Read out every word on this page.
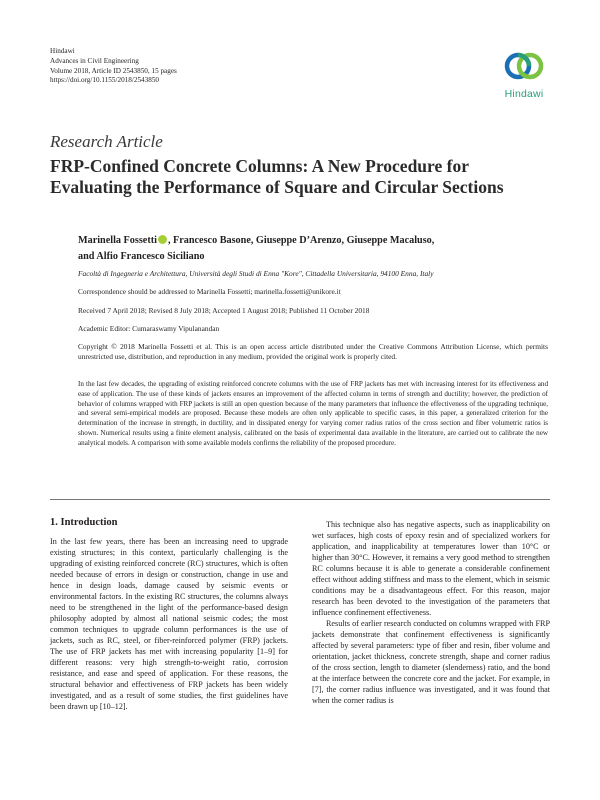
Hindawi
Advances in Civil Engineering
Volume 2018, Article ID 2543850, 15 pages
https://doi.org/10.1155/2018/2543850
Hindawi
Research Article
FRP-Confined Concrete Columns: A New Procedure for
Evaluating the Performance of Square and Circular Sections
Marinella Fossetti , Francesco Basone, Giuseppe D’Arenzo, Giuseppe Macaluso,
and Alfio Francesco Siciliano
Facoltà di Ingegneria e Architettura, Università degli Studi di Enna "Kore", Cittadella Universitaria, 94100 Enna, Italy
Correspondence should be addressed to Marinella Fossetti; marinella.fossetti@unikore.it
Received 7 April 2018; Revised 8 July 2018; Accepted 1 August 2018; Published 11 October 2018
Academic Editor: Cumaraswamy Vipulanandan
Copyright © 2018 Marinella Fossetti et al. This is an open access article distributed under the Creative Commons Attribution License, which permits unrestricted use, distribution, and reproduction in any medium, provided the original work is properly cited.
In the last few decades, the upgrading of existing reinforced concrete columns with the use of FRP jackets has met with increasing interest for its effectiveness and ease of application. The use of these kinds of jackets ensures an improvement of the affected column in terms of strength and ductility; however, the prediction of behavior of columns wrapped with FRP jackets is still an open question because of the many parameters that influence the effectiveness of the upgrading technique, and several semi-empirical models are proposed. Because these models are often only applicable to specific cases, in this paper, a generalized criterion for the determination of the increase in strength, in ductility, and in dissipated energy for varying corner radius ratios of the cross section and fiber volumetric ratios is shown. Numerical results using a finite element analysis, calibrated on the basis of experimental data available in the literature, are carried out to calibrate the new analytical models. A comparison with some available models confirms the reliability of the proposed procedure.
1. Introduction

In the last few years, there has been an increasing need to upgrade existing structures; in this context, particularly challenging is the upgrading of existing reinforced concrete (RC) structures, which is often needed because of errors in design or construction, change in use and hence in design loads, damage caused by seismic events or environmental factors. In the existing RC structures, the columns always need to be strengthened in the light of the performance-based design philosophy adopted by almost all national seismic codes; the most common techniques to upgrade column performances is the use of jackets, such as RC, steel, or fiber-reinforced polymer (FRP) jackets. The use of FRP jackets has met with increasing popularity [1–9] for different reasons: very high strength-to-weight ratio, corrosion resistance, and ease and speed of application. For these reasons, the structural behavior and effectiveness of FRP jackets has been widely investigated, and as a result of some studies, the first guidelines have been drawn up [10–12].

This technique also has negative aspects, such as inapplicability on wet surfaces, high costs of epoxy resin and of specialized workers for application, and inapplicability at temperatures lower than 10°C or higher than 30°C. However, it remains a very good method to strengthen RC columns because it is able to generate a considerable confinement effect without adding stiffness and mass to the element, which in seismic conditions may be a disadvantageous effect. For this reason, major research has been devoted to the investigation of the parameters that influence confinement effectiveness.

Results of earlier research conducted on columns wrapped with FRP jackets demonstrate that confinement effectiveness is significantly affected by several parameters: type of fiber and resin, fiber volume and orientation, jacket thickness, concrete strength, shape and corner radius of the cross section, length to diameter (slenderness) ratio, and the bond at the interface between the concrete core and the jacket. For example, in [7], the corner radius influence was investigated, and it was found that when the corner radius is
